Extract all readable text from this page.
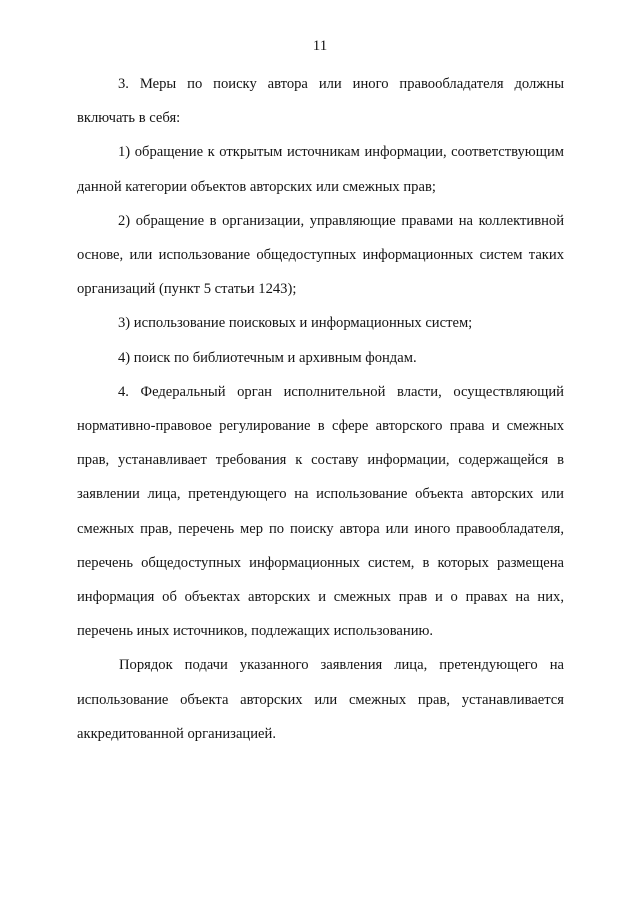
11

3. Меры по поиску автора или иного правообладателя должны включать в себя:

1) обращение к открытым источникам информации, соответствующим данной категории объектов авторских или смежных прав;

2) обращение в организации, управляющие правами на коллективной основе, или использование общедоступных информационных систем таких организаций (пункт 5 статьи 1243);

3) использование поисковых и информационных систем;

4) поиск по библиотечным и архивным фондам.

4. Федеральный орган исполнительной власти, осуществляющий нормативно-правовое регулирование в сфере авторского права и смежных прав, устанавливает требования к составу информации, содержащейся в заявлении лица, претендующего на использование объекта авторских или смежных прав, перечень мер по поиску автора или иного правообладателя, перечень общедоступных информационных систем, в которых размещена информация об объектах авторских и смежных прав и о правах на них, перечень иных источников, подлежащих использованию.

Порядок подачи указанного заявления лица, претендующего на использование объекта авторских или смежных прав, устанавливается аккредитованной организацией.
